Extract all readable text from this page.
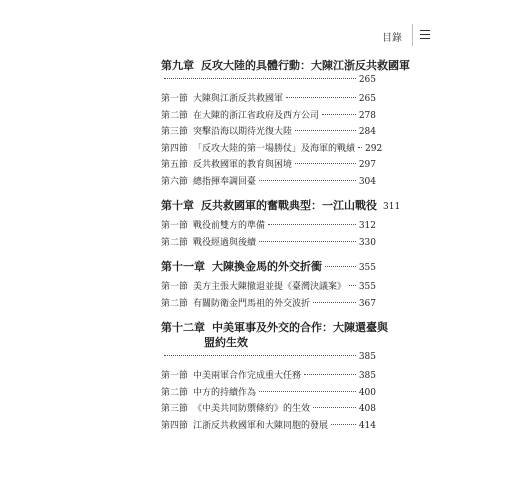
目錄
第九章 反攻大陸的具體行動：大陳江浙反共救國軍
265
第一節 大陳與江浙反共救國軍	265
第二節 在大陳的浙江省政府及西方公司	278
第三節 突擊沿海以期待光復大陸	284
第四節 「反攻大陸的第一場勝仗」及海軍的戰績 292
第五節 反共救國軍的教育與困境	297
第六節 總指揮奉調回臺	304
第十章 反共救國軍的奮戰典型：一江山戰役 311
第一節 戰役前雙方的準備	312
第二節 戰役經過與後續	330
第十一章 大陳換金馬的外交折衝	355
第一節 美方主張大陳撤退並提《臺灣決議案》 355
第二節 有關防衛金門馬祖的外交波折	367
第十二章 中美軍事及外交的合作：大陳還臺與
盟約生效
385
第一節 中美兩軍合作完成重大任務	385
第二節 中方的持續作為	400
第三節 《中美共同防禦條約》的生效	408
第四節 江浙反共救國軍和大陳同胞的發展	414
